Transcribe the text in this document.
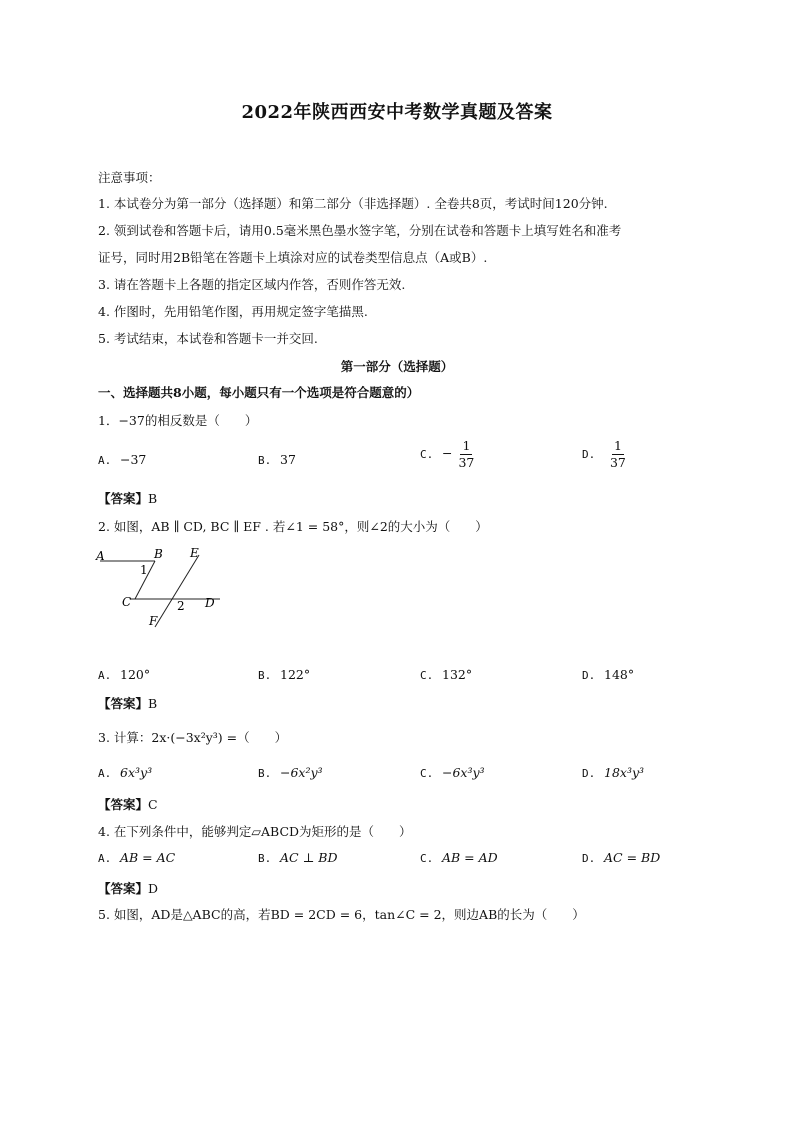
2022年陕西西安中考数学真题及答案
注意事项：
1. 本试卷分为第一部分（选择题）和第二部分（非选择题）. 全卷共8页，考试时间120分钟.
2. 领到试卷和答题卡后，请用0.5毫米黑色墨水签字笔，分别在试卷和答题卡上填写姓名和准考
证号，同时用2B铅笔在答题卡上填涂对应的试卷类型信息点（A或B）.
3. 请在答题卡上各题的指定区域内作答，否则作答无效.
4. 作图时，先用铅笔作图，再用规定签字笔描黑.
5. 考试结束，本试卷和答题卡一并交回.
第一部分（选择题）
一、选择题共8小题，每小题只有一个选项是符合题意的）
1．−37的相反数是（　　）
A. −37	B. 37	C. − $\frac{1}{37}$	D. $\frac{1}{37}$
【答案】B
2. 如图，AB ∥ CD, BC ∥ EF . 若∠1 = 58°，则∠2的大小为（　　）
A	B
C	D
E
F
1
2
A. 120°	B. 122°	C. 132°	D. 148°
【答案】B
3. 计算：2x·(−3x²y³) =（　　）
A. 6x³y³	B. −6x²y³	C. −6x³y³	D. 18x³y³
【答案】C
4. 在下列条件中，能够判定▱ABCD为矩形的是（　　）
A. AB = AC	B. AC ⊥ BD	C. AB = AD	D. AC = BD
【答案】D
5. 如图，AD是△ABC的高，若BD = 2CD = 6，tan∠C = 2，则边AB的长为（　　）
